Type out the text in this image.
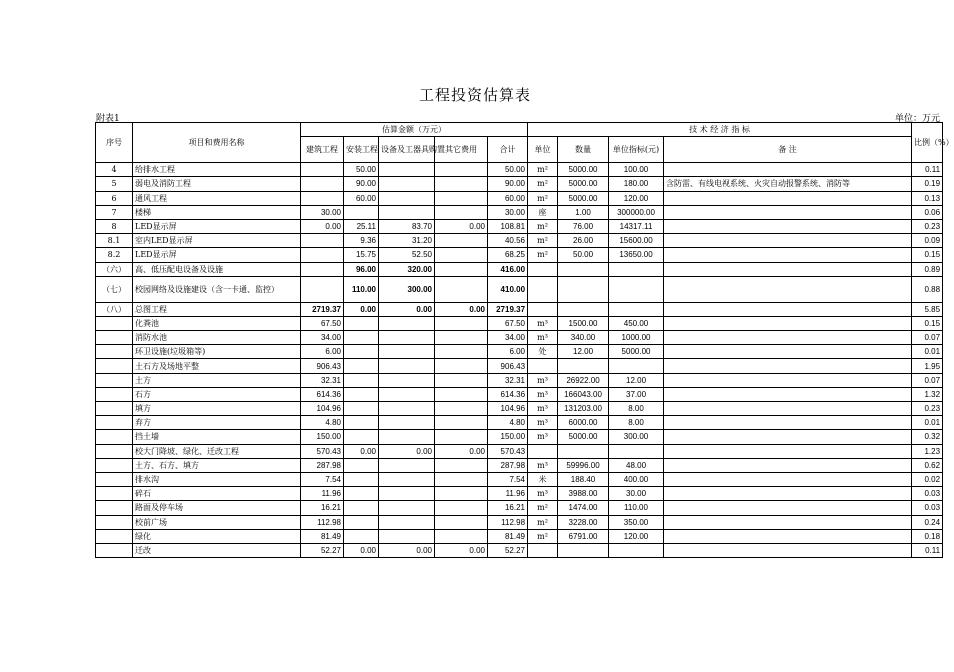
工程投资估算表
附表1	单位：万元
序号	项目和费用名称	估算金额（万元）					技 术 经 济 指 标				比例（%）
		建筑工程	安装工程	设备及工器具购置	其它费用	合计	单位	数量	单位指标(元)	备 注	
4	给排水工程		50.00			50.00	m²	5000.00	100.00		0.11
5	弱电及消防工程		90.00			90.00	m²	5000.00	180.00	含防雷、有线电视系统、火灾自动报警系统、消防等	0.19
6	通风工程		60.00			60.00	m²	5000.00	120.00		0.13
7	楼梯	30.00				30.00	座	1.00	300000.00		0.06
8	LED显示屏	0.00	25.11	83.70	0.00	108.81	m²	76.00	14317.11		0.23
8.1	室内LED显示屏		9.36	31.20		40.56	m²	26.00	15600.00		0.09
8.2	LED显示屏		15.75	52.50		68.25	m²	50.00	13650.00		0.15
（六）	高、低压配电设备及设施		96.00	320.00		416.00					0.89
（七）	校园网络及设施建设（含一卡通、监控）		110.00	300.00		410.00					0.88
（八）	总图工程	2719.37	0.00	0.00	0.00	2719.37					5.85
	化粪池	67.50				67.50	m³	1500.00	450.00		0.15
	消防水池	34.00				34.00	m³	340.00	1000.00		0.07
	环卫设施(垃圾箱等)	6.00				6.00	处	12.00	5000.00		0.01
	土石方及场地平整	906.43				906.43					1.95
	土方	32.31				32.31	m³	26922.00	12.00		0.07
	石方	614.36				614.36	m³	166043.00	37.00		1.32
	填方	104.96				104.96	m³	131203.00	8.00		0.23
	弃方	4.80				4.80	m³	6000.00	8.00		0.01
	挡土墙	150.00				150.00	m³	5000.00	300.00		0.32
	校大门降坡、绿化、迁改工程	570.43	0.00	0.00	0.00	570.43					1.23
	土方、石方、填方	287.98				287.98	m³	59996.00	48.00		0.62
	排水沟	7.54				7.54	米	188.40	400.00		0.02
	碎石	11.96				11.96	m³	3988.00	30.00		0.03
	路面及停车场	16.21				16.21	m²	1474.00	110.00		0.03
	校前广场	112.98				112.98	m²	3228.00	350.00		0.24
	绿化	81.49				81.49	m²	6791.00	120.00		0.18
	迁改	52.27	0.00	0.00	0.00	52.27					0.11
